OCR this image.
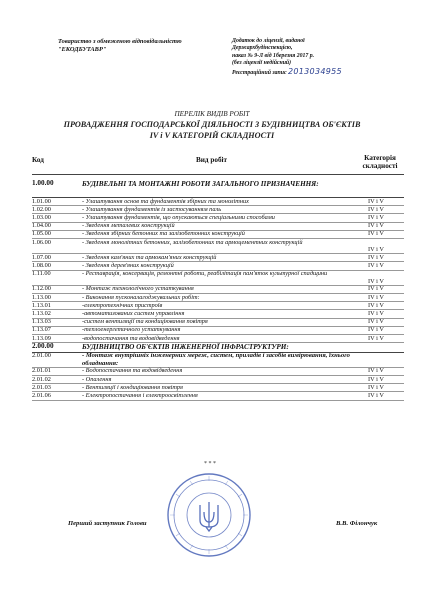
Товариство з обмеженою відповідальністю
"ЕКОДБУТАВР"
Додаток до ліцензії, виданої
Держархбудінспекцією,
наказ № 9-Л від 1березня 2017 р.
(без ліцензії недійсний)
Реєстраційний запис 2013034955
ПЕРЕЛІК ВИДІВ РОБІТ
ПРОВАДЖЕННЯ ГОСПОДАРСЬКОЇ ДІЯЛЬНОСТІ З БУДІВНИЦТВА ОБ'ЄКТІВ
IV і V КАТЕГОРІЙ СКЛАДНОСТІ
Код	Вид робіт	Категорія складності
1.00.00	БУДІВЕЛЬНІ ТА МОНТАЖНІ РОБОТИ ЗАГАЛЬНОГО ПРИЗНАЧЕННЯ:
1.01.00	- Улаштування основ та фундаментів збірних та монолітних	IV і V
1.02.00	- Улаштування фундаментів із застосуванням паль	IV і V
1.03.00	- Улаштування фундаментів, що опускаються спеціальними способами	IV і V
1.04.00	- Зведення металевих конструкцій	IV і V
1.05.00	- Зведення збірних бетонних та залізобетонних конструкцій	IV і V
1.06.00	- Зведення монолітних бетонних, залізобетонних та армоцементних конструкцій
IV і V
1.07.00	- Зведення кам'яних та армокам'яних конструкцій	IV і V
1.08.00	- Зведення дерев'яних конструкцій	IV і V
1.11.00	- Реставрація, консервація, ремонтні роботи, реабілітація пам'яток культурної спадщини
IV і V
1.12.00	- Монтаж технологічного устаткування	IV і V
1.13.00	- Виконання пусконалагоджувальних робіт:	IV і V
1.13.01	-електротехнічних пристроїв	IV і V
1.13.02	-автоматизованих систем управління	IV і V
1.13.03	-систем вентиляції та кондиціювання повітря	IV і V
1.13.07	-теплоенергетичного устаткування	IV і V
1.13.09	-водопостачання та водовідведення	IV і V
2.00.00	БУДІВНИЦТВО ОБ'ЄКТІВ ІНЖЕНЕРНОЇ ІНФРАСТРУКТУРИ:
2.01.00	- Монтаж внутрішніх інженерних мереж, систем, приладів і засобів вимірювання, їхнього обладнання:
2.01.01	- Водопостачання та водовідведення	IV і V
2.01.02	- Опалення	IV і V
2.01.03	- Вентиляції і кондиціювання повітря	IV і V
2.01.06	- Електропостачання і електроосвітлення	IV і V
Перший заступник Голови	В.В. Філончук
* * *
